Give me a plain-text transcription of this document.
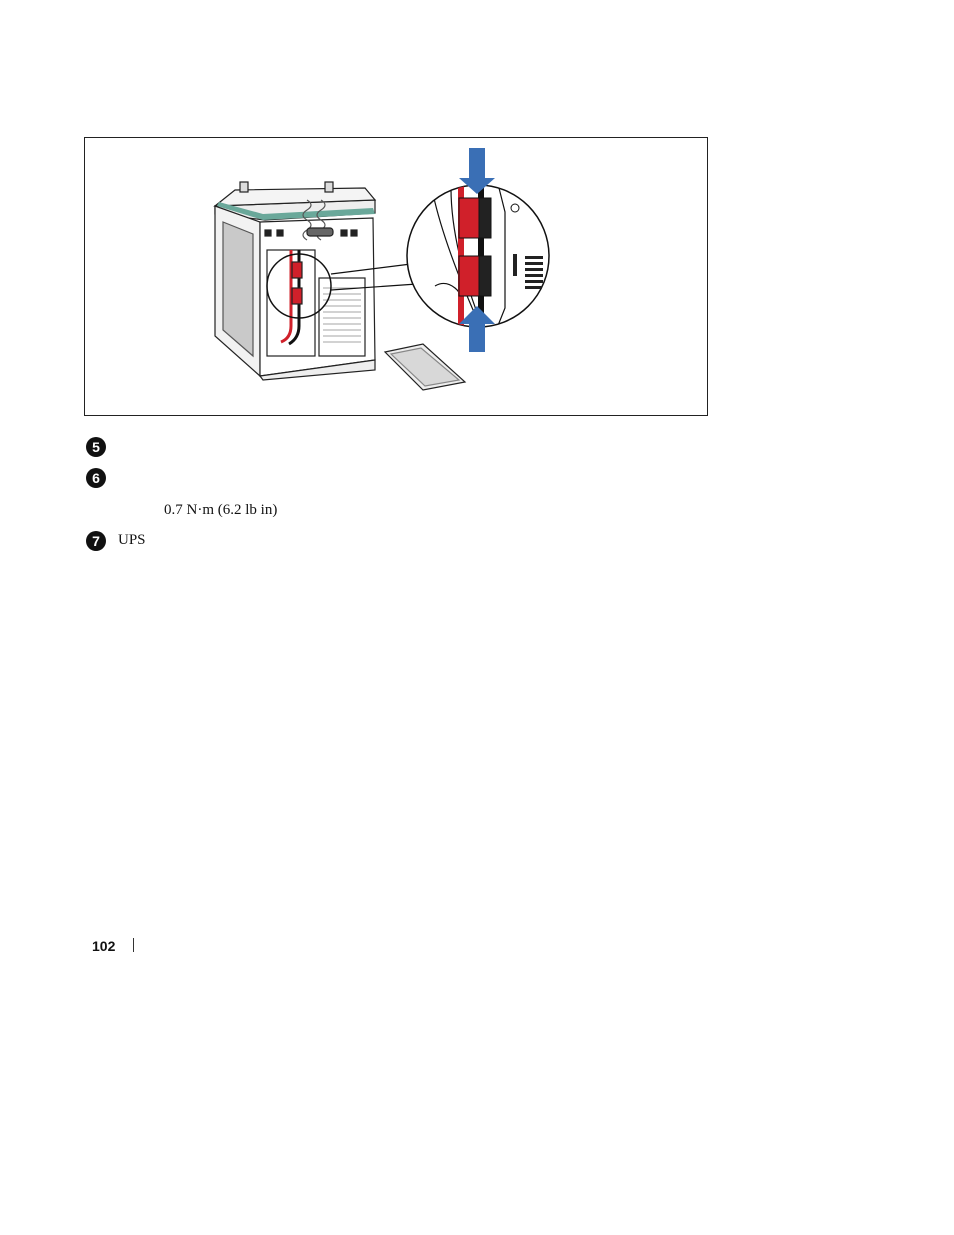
5
6
0.7 N·m (6.2 lb in)
7	UPS
102
